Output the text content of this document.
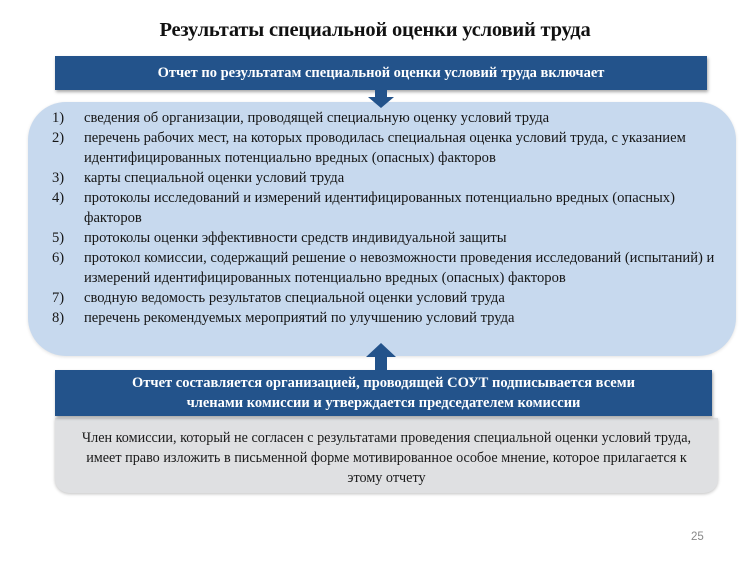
Результаты специальной оценки условий труда
Отчет по результатам специальной оценки условий труда включает
1) сведения об организации, проводящей специальную оценку условий труда
2) перечень рабочих мест, на которых проводилась специальная оценка условий труда, с указанием идентифицированных потенциально вредных (опасных) факторов
3) карты специальной оценки условий труда
4) протоколы исследований и измерений идентифицированных потенциально вредных (опасных) факторов
5) протоколы оценки эффективности средств индивидуальной защиты
6) протокол комиссии, содержащий решение о невозможности проведения исследований (испытаний) и измерений идентифицированных потенциально вредных (опасных) факторов
7) сводную ведомость результатов специальной оценки условий труда
8) перечень рекомендуемых мероприятий по улучшению условий труда
Отчет составляется организацией, проводящей СОУТ подписывается всеми
членами комиссии и утверждается председателем комиссии
Член комиссии, который не согласен с результатами проведения специальной оценки условий труда, имеет право изложить в письменной форме мотивированное особое мнение, которое прилагается к этому отчету
25
